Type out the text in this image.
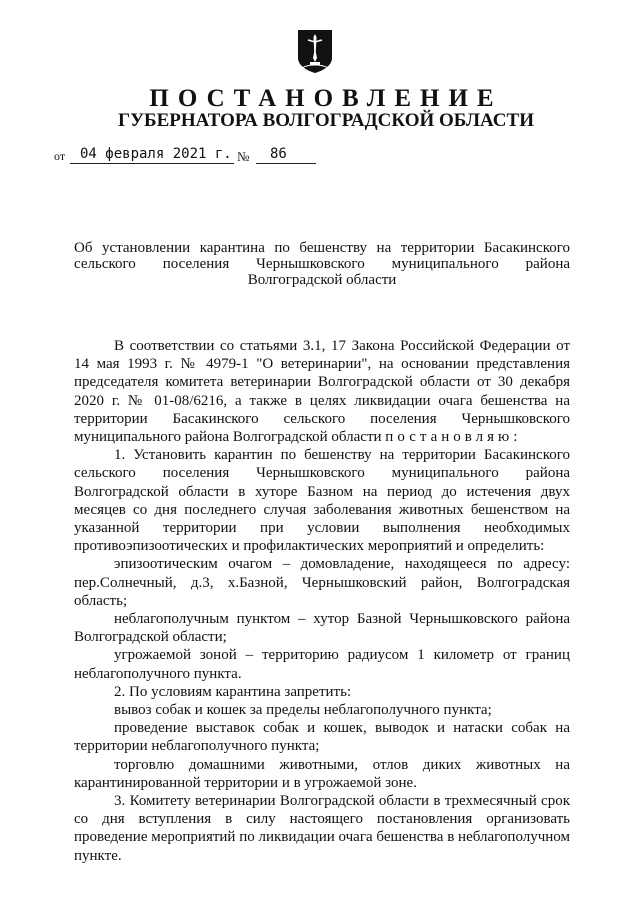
ПОСТАНОВЛЕНИЕ
ГУБЕРНАТОРА ВОЛГОГРАДСКОЙ ОБЛАСТИ
от	04 февраля 2021 г. №	86
Об установлении карантина по бешенству на территории Басакинского
сельского поселения Чернышковского муниципального района
Волгоградской области

В соответствии со статьями 3.1, 17 Закона Российской Федерации от 14 мая 1993 г. № 4979-1 "О ветеринарии", на основании представления председателя комитета ветеринарии Волгоградской области от 30 декабря 2020 г. № 01-08/6216, а также в целях ликвидации очага бешенства на территории Басакинского сельского поселения Чернышковского муниципального района Волгоградской области постановляю:

1. Установить карантин по бешенству на территории Басакинского сельского поселения Чернышковского муниципального района Волгоградской области в хуторе Базном на период до истечения двух месяцев со дня последнего случая заболевания животных бешенством на указанной территории при условии выполнения необходимых противоэпизоотических и профилактических мероприятий и определить:

эпизоотическим очагом – домовладение, находящееся по адресу: пер.Солнечный, д.3, х.Базной, Чернышковский район, Волгоградская область;

неблагополучным пунктом – хутор Базной Чернышковского района Волгоградской области;

угрожаемой зоной – территорию радиусом 1 километр от границ неблагополучного пункта.

2. По условиям карантина запретить:

вывоз собак и кошек за пределы неблагополучного пункта;

проведение выставок собак и кошек, выводок и натаски собак на территории неблагополучного пункта;

торговлю домашними животными, отлов диких животных на карантинированной территории и в угрожаемой зоне.

3. Комитету ветеринарии Волгоградской области в трехмесячный срок со дня вступления в силу настоящего постановления организовать проведение мероприятий по ликвидации очага бешенства в неблагополучном пункте.
